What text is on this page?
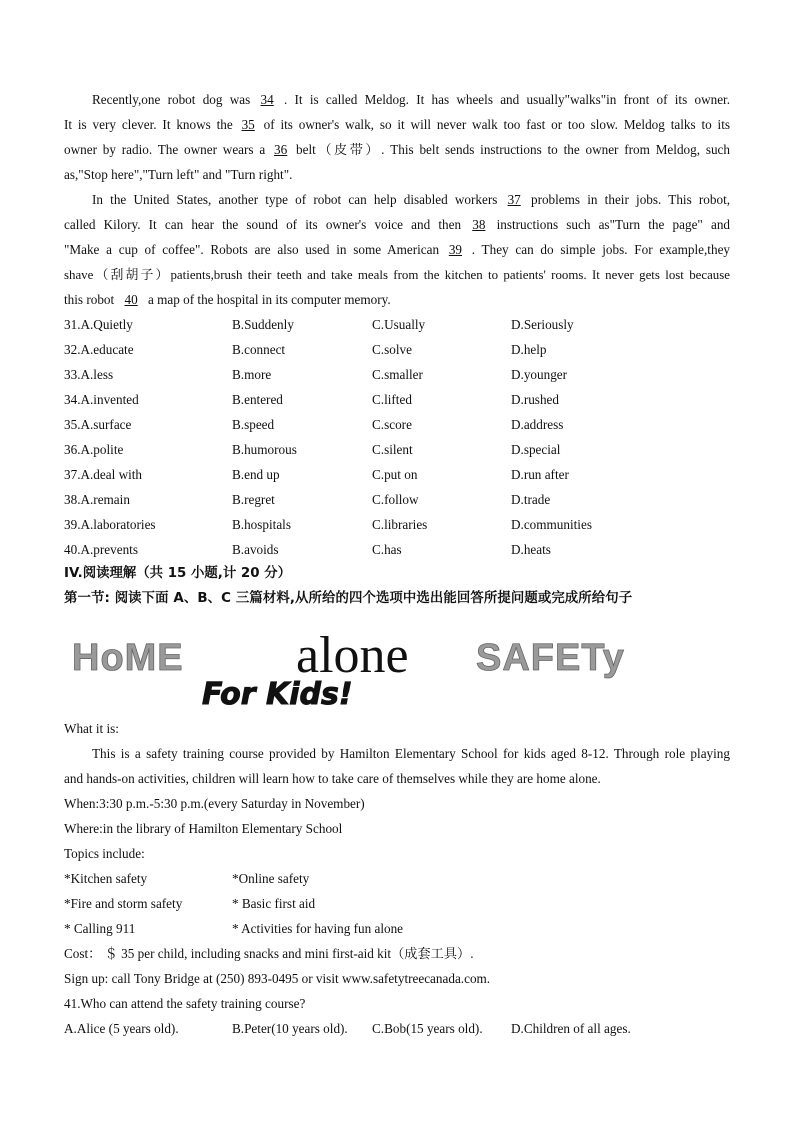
Recently,one robot dog was 34 . It is called Meldog. It has wheels and usually"walks"in front of its owner.
It is very clever. It knows the 35 of its owner's walk, so it will never walk too fast or too slow. Meldog talks to its
owner by radio. The owner wears a 36 belt（皮带）. This belt sends instructions to the owner from Meldog, such
as,"Stop here","Turn left" and "Turn right".
In the United States, another type of robot can help disabled workers 37 problems in their jobs. This robot,
called Kilory. It can hear the sound of its owner's voice and then 38 instructions such as"Turn the page" and
"Make a cup of coffee". Robots are also used in some American 39 . They can do simple jobs. For example,they
shave（刮胡子）patients,brush their teeth and take meals from the kitchen to patients' rooms. It never gets lost because
this robot 40 a map of the hospital in its computer memory.
31.A.Quietly	B.Suddenly	C.Usually	D.Seriously
32.A.educate	B.connect	C.solve	D.help
33.A.less	B.more	C.smaller	D.younger
34.A.invented	B.entered	C.lifted	D.rushed
35.A.surface	B.speed	C.score	D.address
36.A.polite	B.humorous	C.silent	D.special
37.A.deal with	B.end up	C.put on	D.run after
38.A.remain	B.regret	C.follow	D.trade
39.A.laboratories	B.hospitals	C.libraries	D.communities
40.A.prevents	B.avoids	C.has	D.heats
IV.阅读理解（共 15 小题,计 20 分）
第一节: 阅读下面 A、B、C 三篇材料,从所给的四个选项中选出能回答所提问题或完成所给句子
HoME alone SAFETy
For Kids!
What it is:
This is a safety training course provided by Hamilton Elementary School for kids aged 8-12. Through role playing
and hands-on activities, children will learn how to take care of themselves while they are home alone.
When:3:30 p.m.-5:30 p.m.(every Saturday in November)
Where:in the library of Hamilton Elementary School
Topics include:
*Kitchen safety	*Online safety
*Fire and storm safety	* Basic first aid
* Calling 911	* Activities for having fun alone
Cost： ＄ 35 per child, including snacks and mini first-aid kit（成套工具）.
Sign up: call Tony Bridge at (250) 893-0495 or visit www.safetytreecanada.com.
41.Who can attend the safety training course?
A.Alice (5 years old).	B.Peter(10 years old). C.Bob(15 years old). D.Children of all ages.
